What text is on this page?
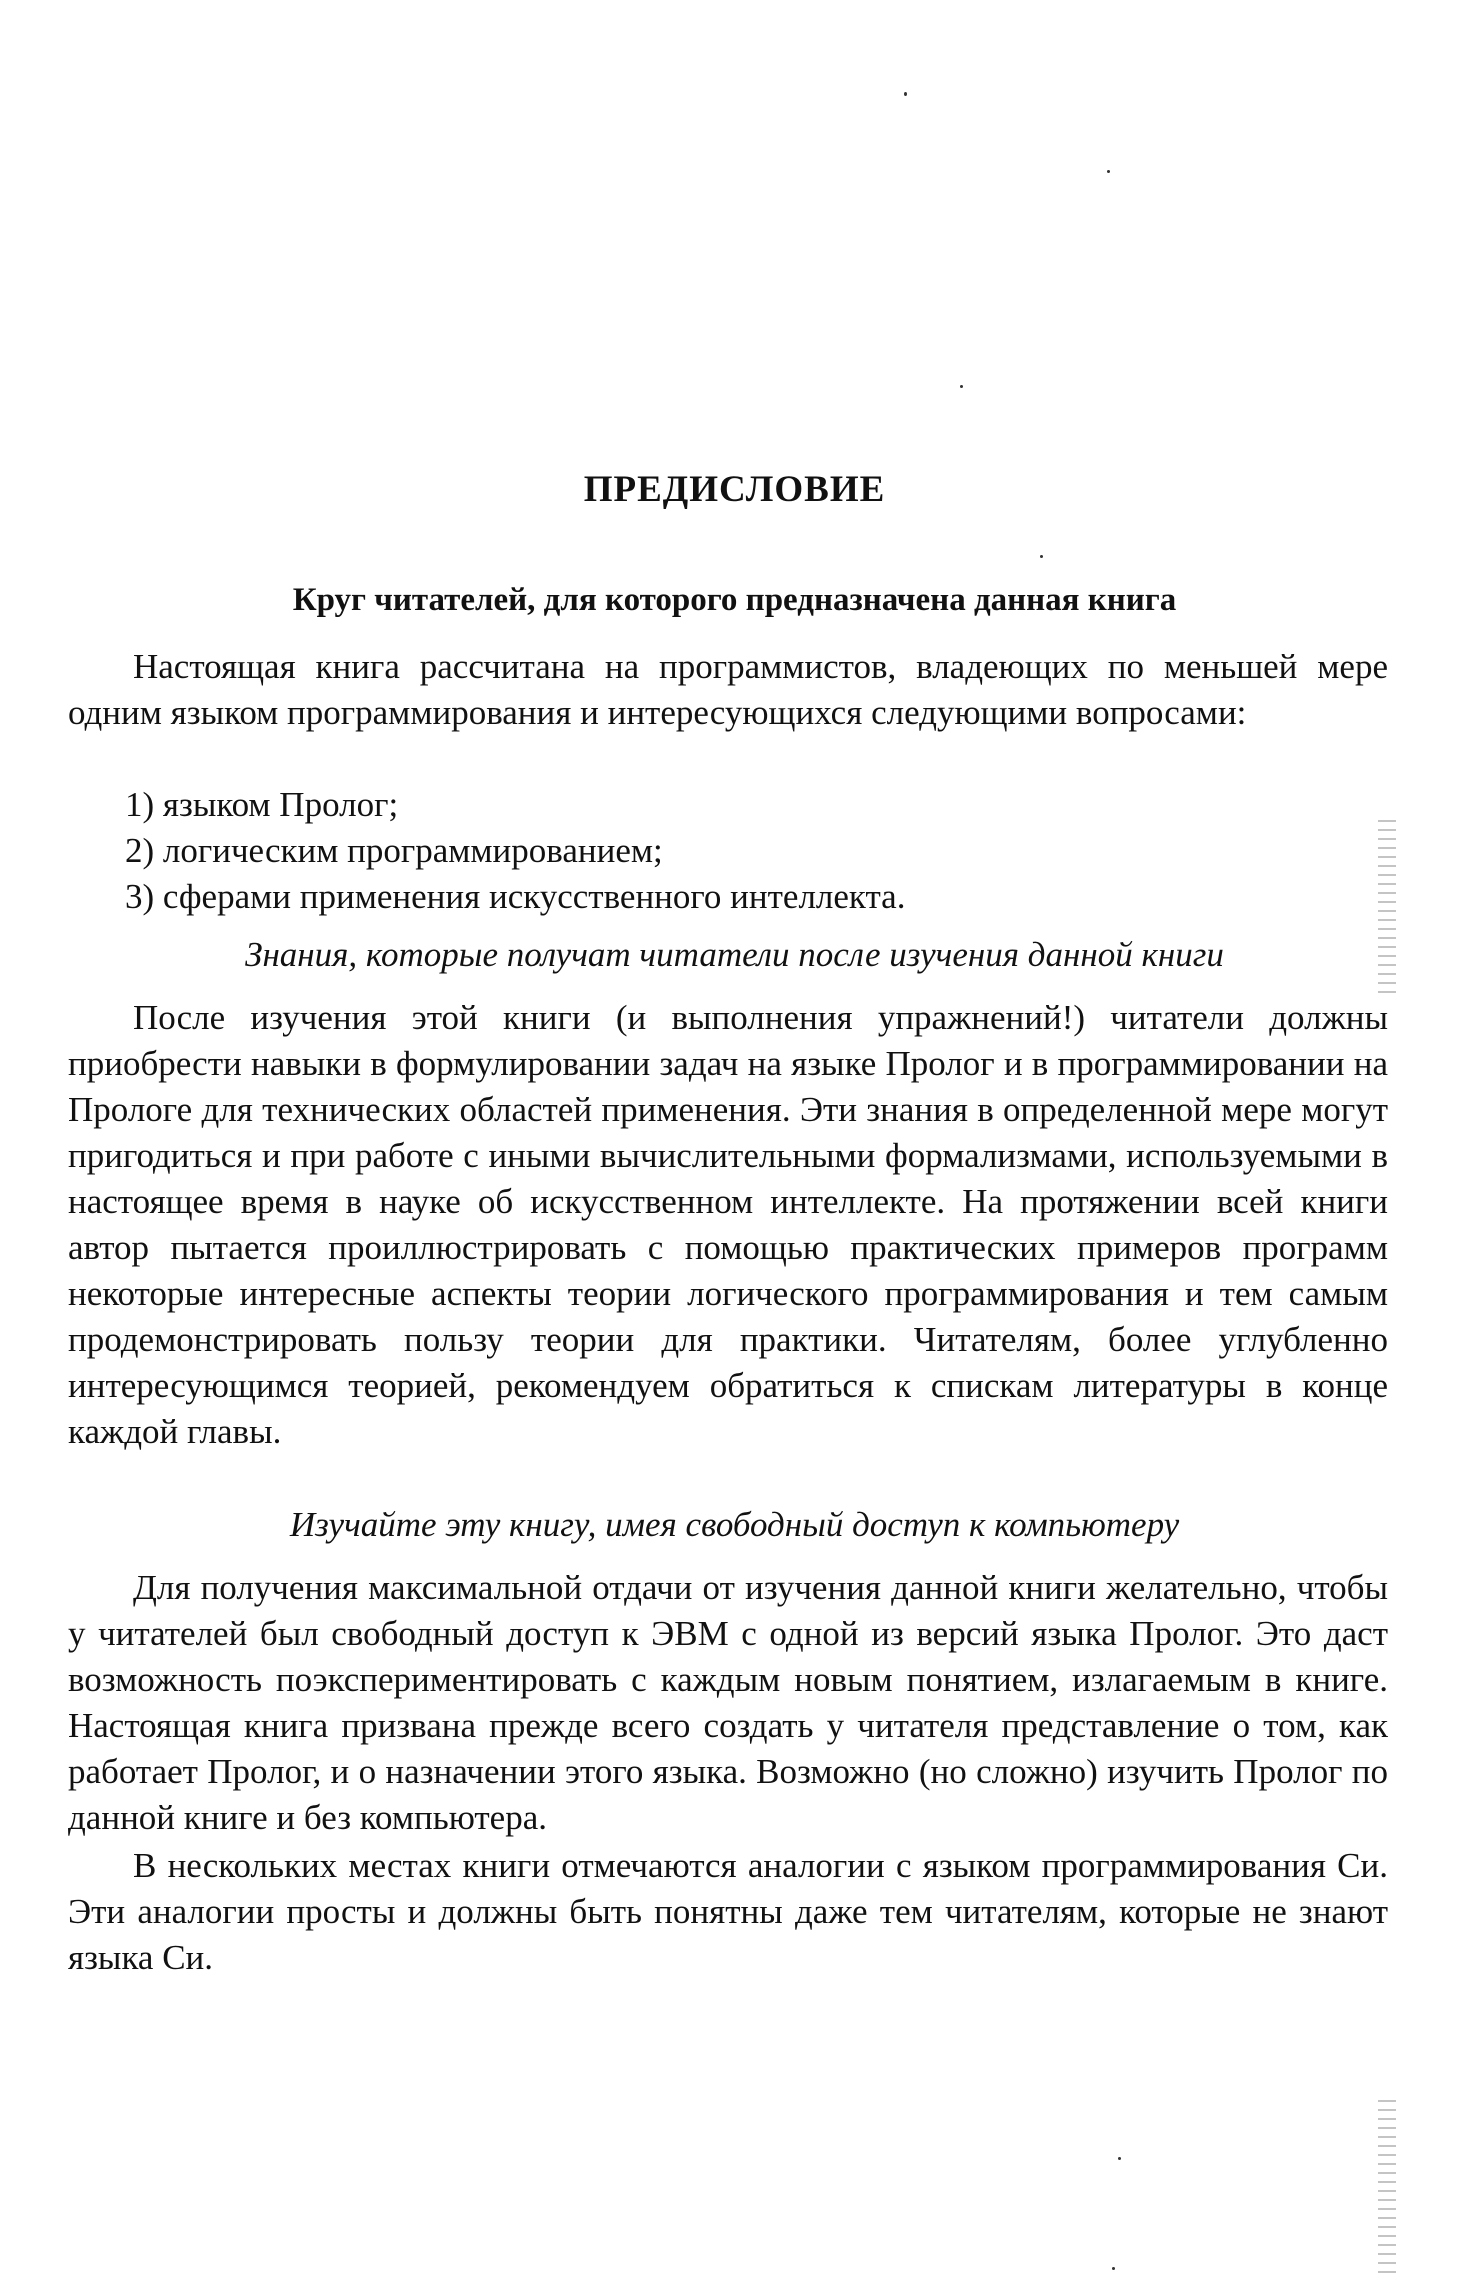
ПРЕДИСЛОВИЕ
Круг читателей, для которого предназначена данная книга

Настоящая книга рассчитана на программистов, владеющих по меньшей мере одним языком программирования и интересующихся следующими вопросами:

1) языком Пролог;
2) логическим программированием;
3) сферами применения искусственного интеллекта.
Знания, которые получат читатели после изучения данной книги

После изучения этой книги (и выполнения упражнений!) читатели должны приобрести навыки в формулировании задач на языке Пролог и в программировании на Прологе для технических областей применения. Эти знания в определенной мере могут пригодиться и при работе с иными вычислительными формализмами, используемыми в настоящее время в науке об искусственном интеллекте. На протяжении всей книги автор пытается проиллюстрировать с помощью практических примеров программ некоторые интересные аспекты теории логического программирования и тем самым продемонстрировать пользу теории для практики. Читателям, более углубленно интересующимся теорией, рекомендуем обратиться к спискам литературы в конце каждой главы.

Изучайте эту книгу, имея свободный доступ к компьютеру

Для получения максимальной отдачи от изучения данной книги желательно, чтобы у читателей был свободный доступ к ЭВМ с одной из версий языка Пролог. Это даст возможность поэкспериментировать с каждым новым понятием, излагаемым в книге. Настоящая книга призвана прежде всего создать у читателя представление о том, как работает Пролог, и о назначении этого языка. Возможно (но сложно) изучить Пролог по данной книге и без компьютера.

В нескольких местах книги отмечаются аналогии с языком программирования Си. Эти аналогии просты и должны быть понятны даже тем читателям, которые не знают языка Си.
